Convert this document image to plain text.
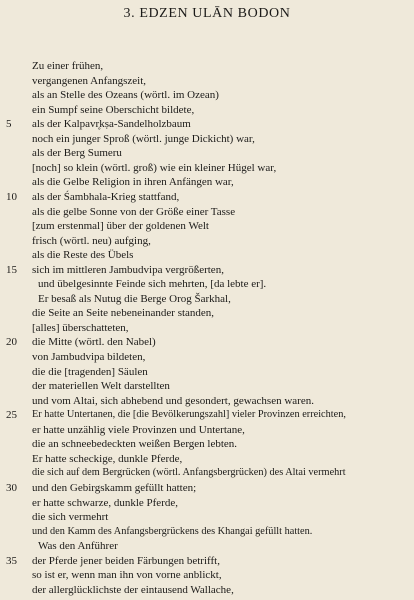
3. EDZEN ULĀN BODON
Zu einer frühen,
vergangenen Anfangszeit,
als an Stelle des Ozeans (wörtl. im Ozean)
ein Sumpf seine Oberschicht bildete,
als der Kalpavr̥kṣa-Sandelholzbaum
noch ein junger Sproß (wörtl. junge Dickicht) war,
als der Berg Sumeru
[noch] so klein (wörtl. groß) wie ein kleiner Hügel war,
als die Gelbe Religion in ihren Anfängen war,
als der Śambhala-Krieg stattfand,
als die gelbe Sonne von der Größe einer Tasse
[zum erstenmal] über der goldenen Welt
frisch (wörtl. neu) aufging,
als die Reste des Übels
sich im mittleren Jambudvipa vergrößerten,
und übelgesinnte Feinde sich mehrten, [da lebte er].
Er besaß als Nutug die Berge Orog Šarkhal,
die Seite an Seite nebeneinander standen,
[alles] überschatteten,
die Mitte (wörtl. den Nabel)
von Jambudvipa bildeten,
die die [tragenden] Säulen
der materiellen Welt darstellten
und vom Altai, sich abhebend und gesondert, gewachsen waren.
Er hatte Untertanen, die [die Bevölkerungszahl] vieler Provinzen erreichten,
er hatte unzählig viele Provinzen und Untertane,
die an schneebedeckten weißen Bergen lebten.
Er hatte scheckige, dunkle Pferde,
die sich auf dem Bergrücken (wörtl. Anfangsbergrücken) des Altai vermehrt
und den Gebirgskamm gefüllt hatten;
er hatte schwarze, dunkle Pferde,
die sich vermehrt
und den Kamm des Anfangsbergrückens des Khangai gefüllt hatten.
Was den Anführer
der Pferde jener beiden Färbungen betrifft,
so ist er, wenn man ihn von vorne anblickt,
der allerglücklichste der eintausend Wallache,
5
10
15
20
25
30
35
